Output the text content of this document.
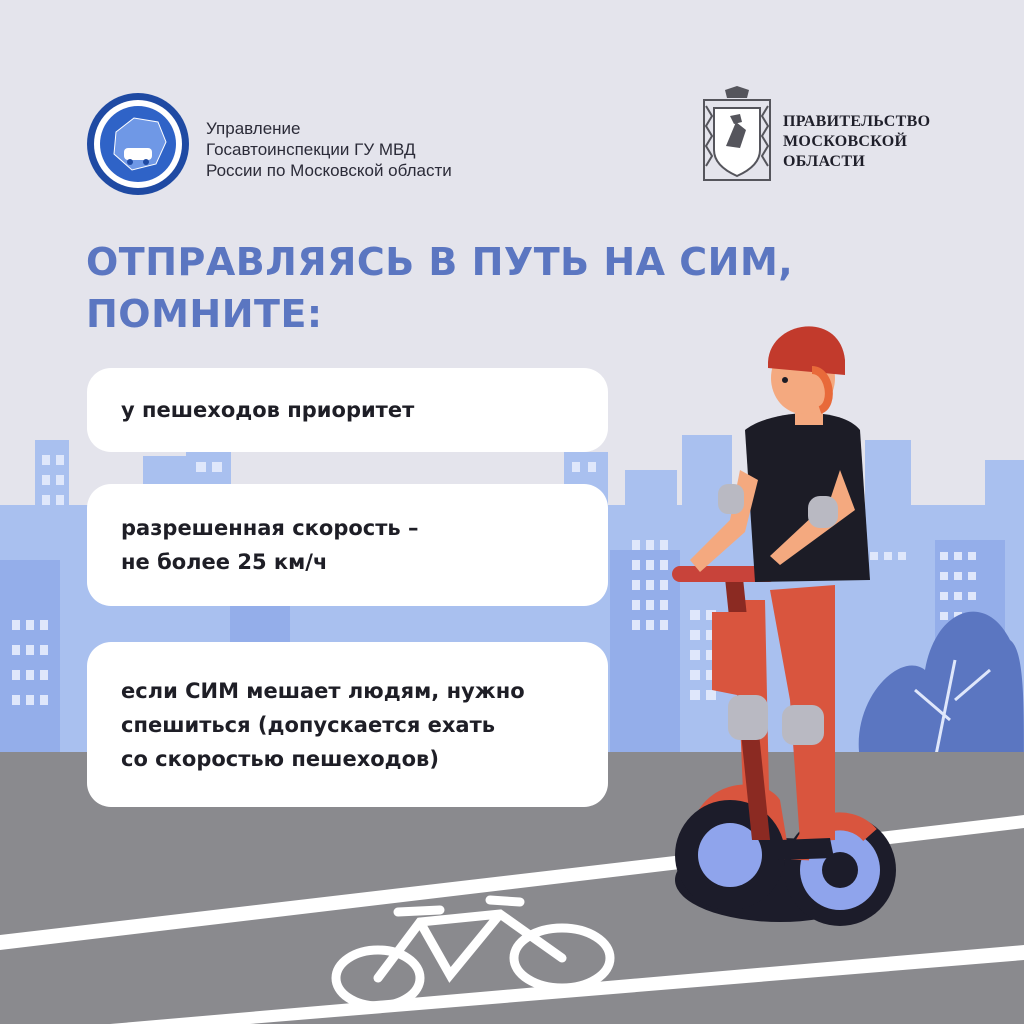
Управление
Госавтоинспекции ГУ МВД
России по Московской области
ПРАВИТЕЛЬСТВО
МОСКОВСКОЙ
ОБЛАСТИ
ОТПРАВЛЯЯСЬ В ПУТЬ НА СИМ,
ПОМНИТЕ:
у пешеходов приоритет
разрешенная скорость –
не более 25 км/ч
если СИМ мешает людям, нужно
спешиться (допускается ехать
со скоростью пешеходов)
